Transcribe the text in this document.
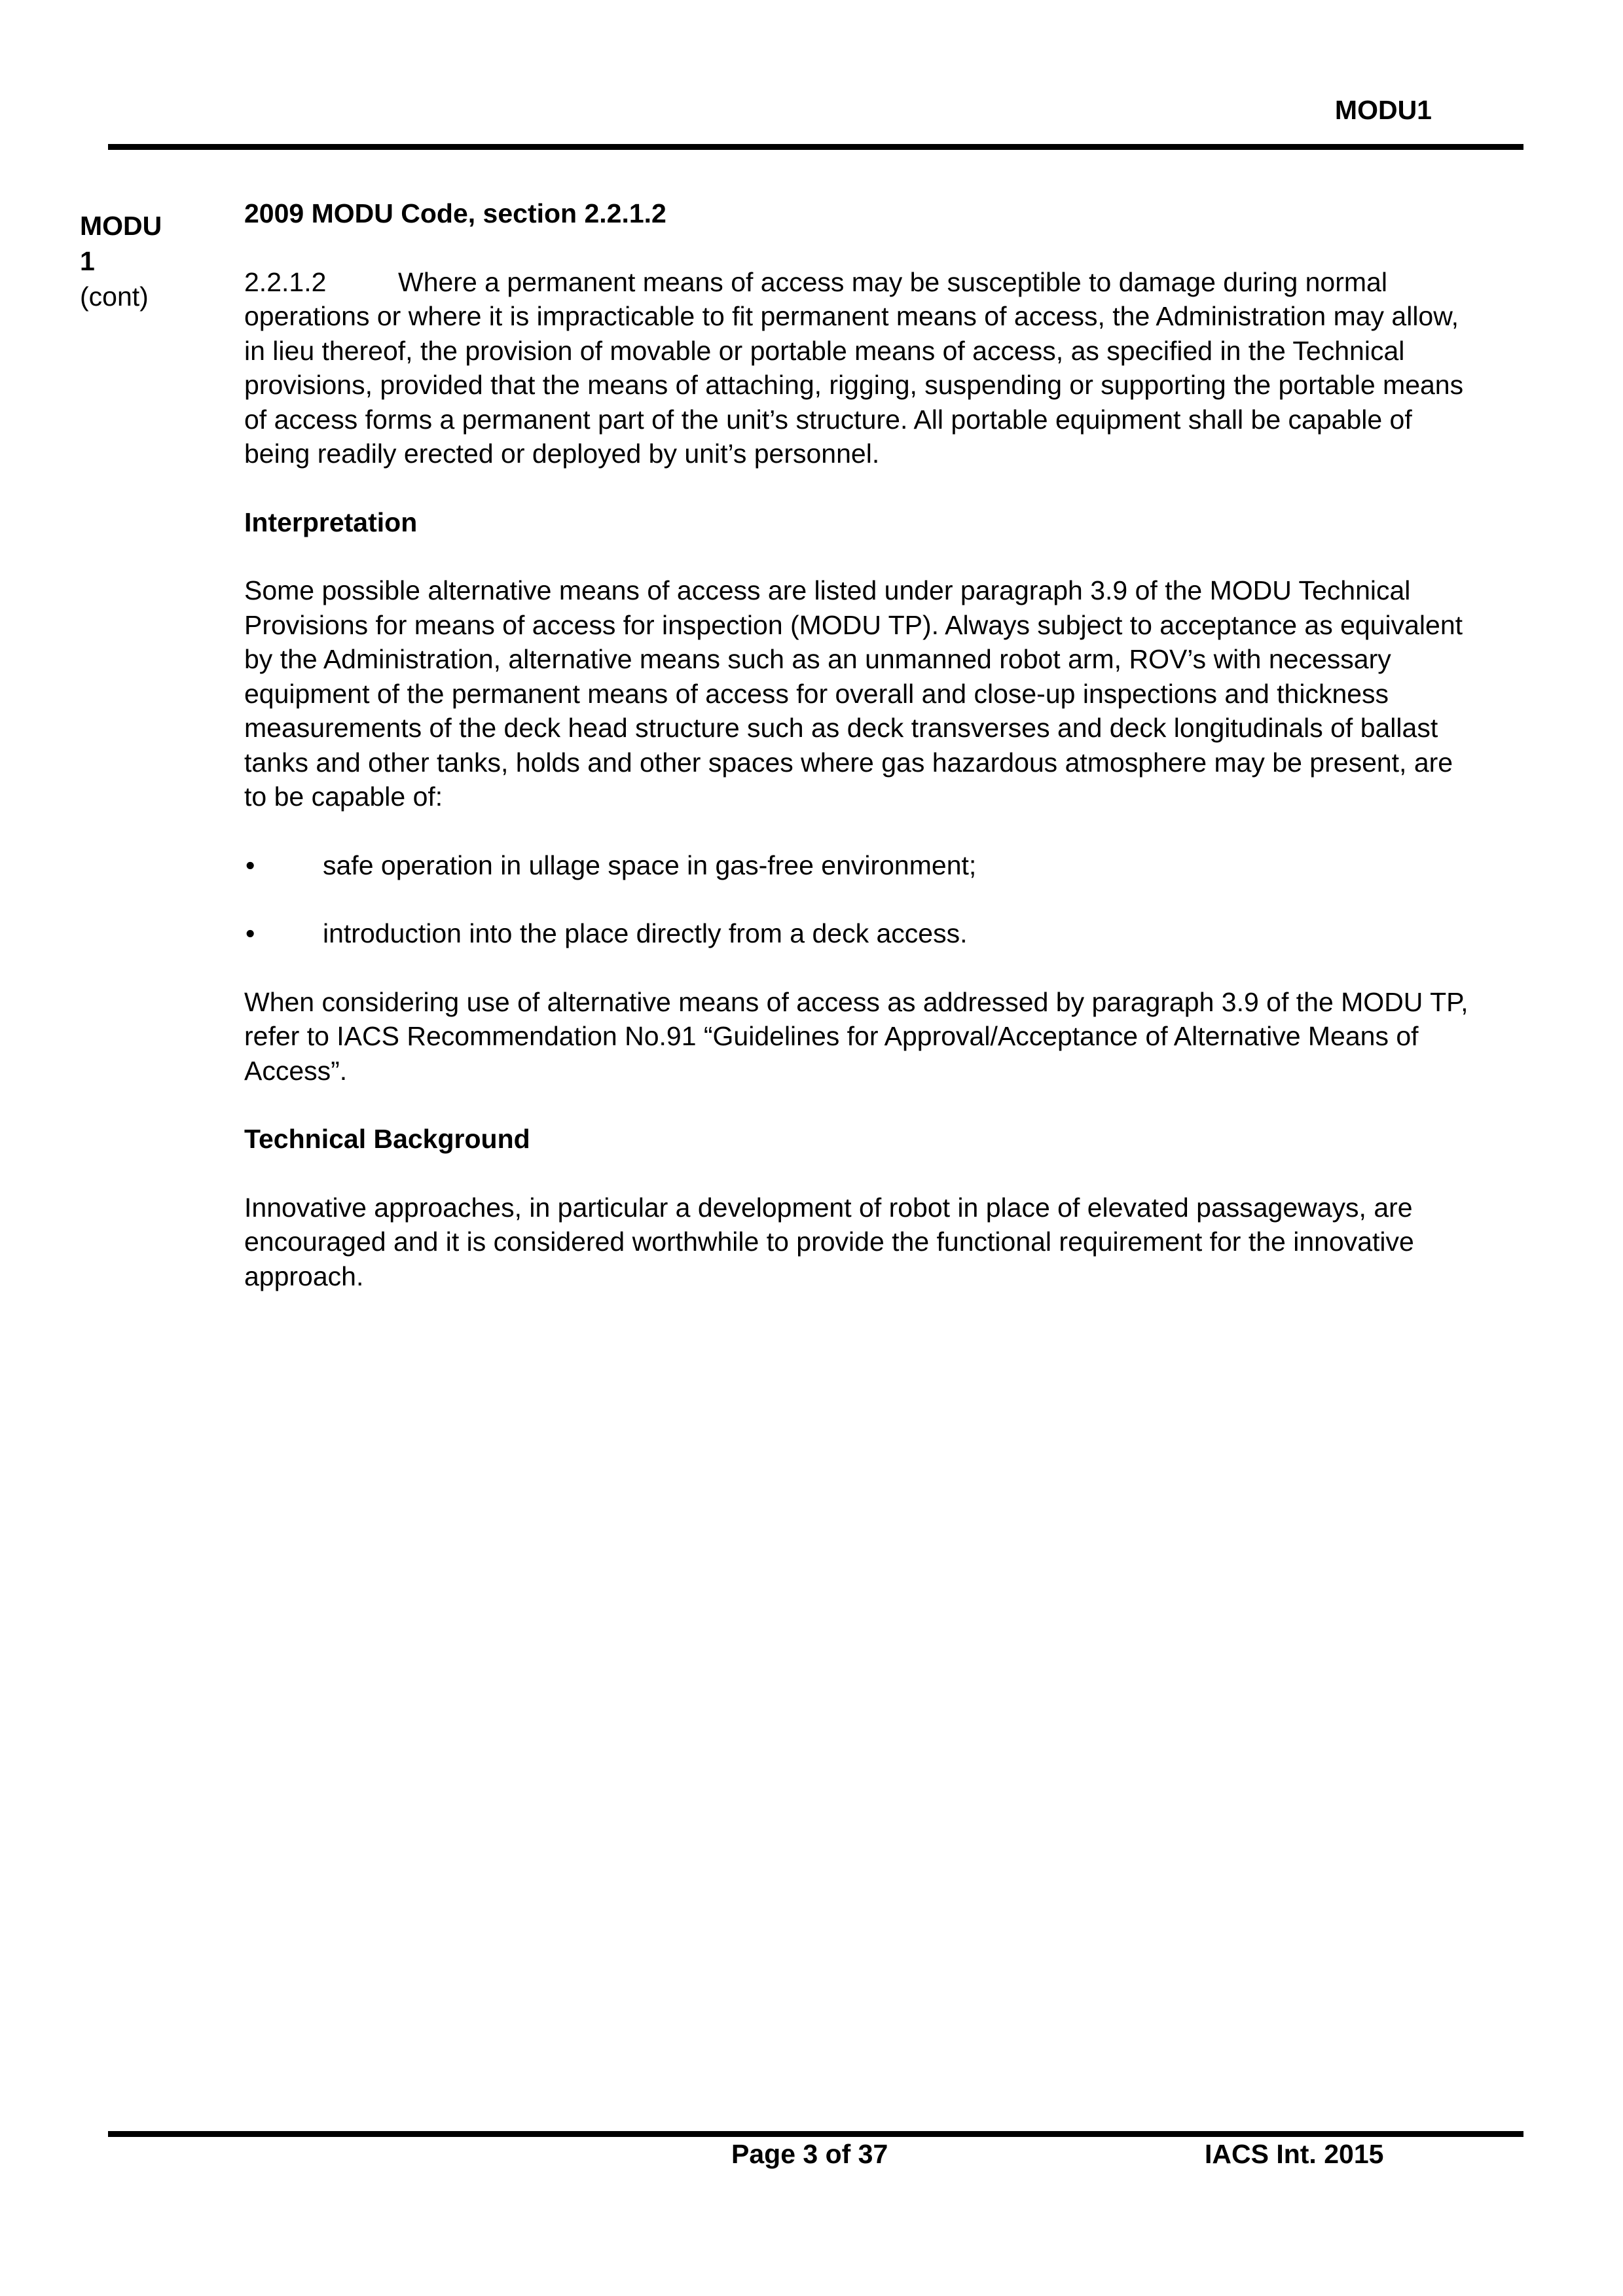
MODU1
MODU
1
(cont)
2009 MODU Code, section 2.2.1.2

2.2.1.2	Where a permanent means of access may be susceptible to damage during normal operations or where it is impracticable to fit permanent means of access, the Administration may allow, in lieu thereof, the provision of movable or portable means of access, as specified in the Technical provisions, provided that the means of attaching, rigging, suspending or supporting the portable means of access forms a permanent part of the unit’s structure. All portable equipment shall be capable of being readily erected or deployed by unit’s personnel.

Interpretation

Some possible alternative means of access are listed under paragraph 3.9 of the MODU Technical Provisions for means of access for inspection (MODU TP). Always subject to acceptance as equivalent by the Administration, alternative means such as an unmanned robot arm, ROV’s with necessary equipment of the permanent means of access for overall and close-up inspections and thickness measurements of the deck head structure such as deck transverses and deck longitudinals of ballast tanks and other tanks, holds and other spaces where gas hazardous atmosphere may be present, are to be capable of:

•	safe operation in ullage space in gas-free environment;
•	introduction into the place directly from a deck access.

When considering use of alternative means of access as addressed by paragraph 3.9 of the MODU TP, refer to IACS Recommendation No.91 “Guidelines for Approval/Acceptance of Alternative Means of Access”.

Technical Background

Innovative approaches, in particular a development of robot in place of elevated passageways, are encouraged and it is considered worthwhile to provide the functional requirement for the innovative approach.

Page 3 of 37	IACS Int. 2015
